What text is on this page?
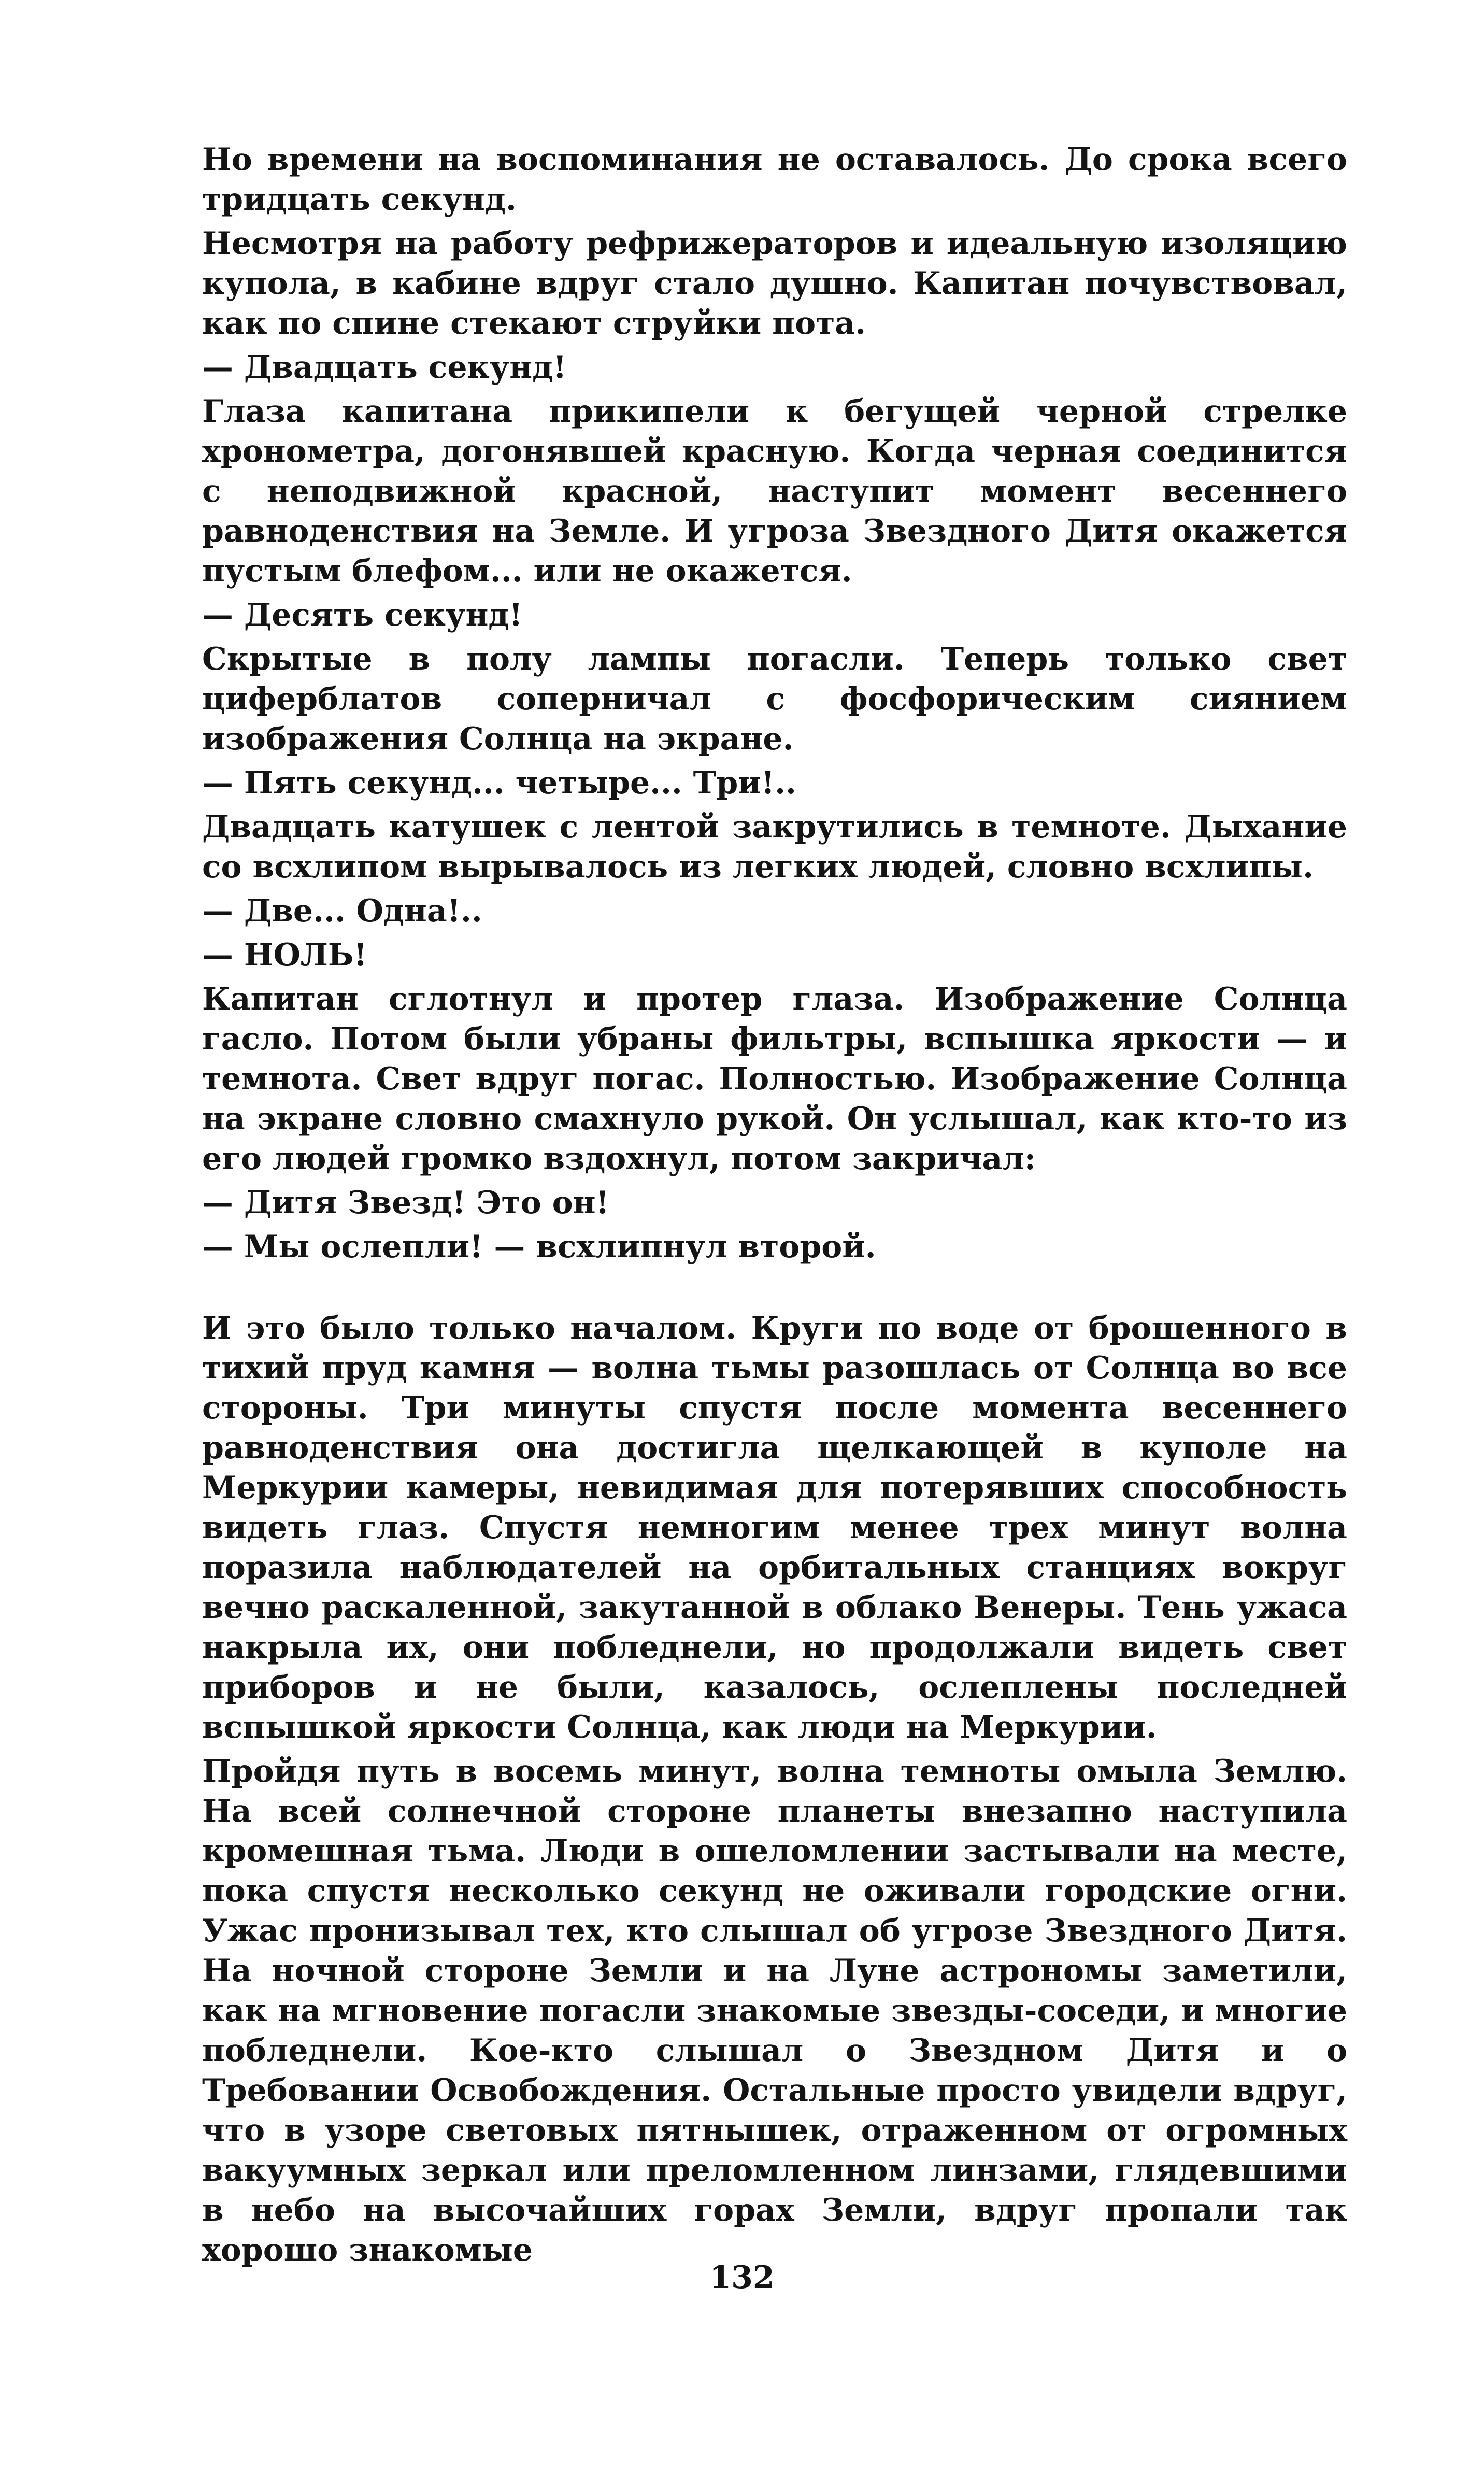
Но времени на воспоминания не оставалось. До срока всего тридцать секунд.

Несмотря на работу рефрижераторов и идеальную изоляцию купола, в кабине вдруг стало душно. Капитан почувствовал, как по спине стекают струйки пота.

— Двадцать секунд!

Глаза капитана прикипели к бегущей черной стрелке хронометра, догонявшей красную. Когда черная соединится с неподвижной красной, наступит момент весеннего равноденствия на Земле. И угроза Звездного Дитя окажется пустым блефом... или не окажется.

— Десять секунд!

Скрытые в полу лампы погасли. Теперь только свет циферблатов соперничал с фосфорическим сиянием изображения Солнца на экране.

— Пять секунд... четыре... Три!..

Двадцать катушек с лентой закрутились в темноте. Дыхание со всхлипом вырывалось из легких людей, словно всхлипы.

— Две... Одна!..

— НОЛЬ!

Капитан сглотнул и протер глаза. Изображение Солнца гасло. Потом были убраны фильтры, вспышка яркости — и темнота. Свет вдруг погас. Полностью. Изображение Солнца на экране словно смахнуло рукой. Он услышал, как кто-то из его людей громко вздохнул, потом закричал:

— Дитя Звезд! Это он!

— Мы ослепли! — всхлипнул второй.

И это было только началом. Круги по воде от брошенного в тихий пруд камня — волна тьмы разошлась от Солнца во все стороны. Три минуты спустя после момента весеннего равноденствия она достигла щелкающей в куполе на Меркурии камеры, невидимая для потерявших способность видеть глаз. Спустя немногим менее трех минут волна поразила наблюдателей на орбитальных станциях вокруг вечно раскаленной, закутанной в облако Венеры. Тень ужаса накрыла их, они побледнели, но продолжали видеть свет приборов и не были, казалось, ослеплены последней вспышкой яркости Солнца, как люди на Меркурии.

Пройдя путь в восемь минут, волна темноты омыла Землю. На всей солнечной стороне планеты внезапно наступила кромешная тьма. Люди в ошеломлении застывали на месте, пока спустя несколько секунд не оживали городские огни. Ужас пронизывал тех, кто слышал об угрозе Звездного Дитя. На ночной стороне Земли и на Луне астрономы заметили, как на мгновение погасли знакомые звезды-соседи, и многие побледнели. Кое-кто слышал о Звездном Дитя и о Требовании Освобождения. Остальные просто увидели вдруг, что в узоре световых пятнышек, отраженном от огромных вакуумных зеркал или преломленном линзами, глядевшими в небо на высочайших горах Земли, вдруг пропали так хорошо знакомые

132
